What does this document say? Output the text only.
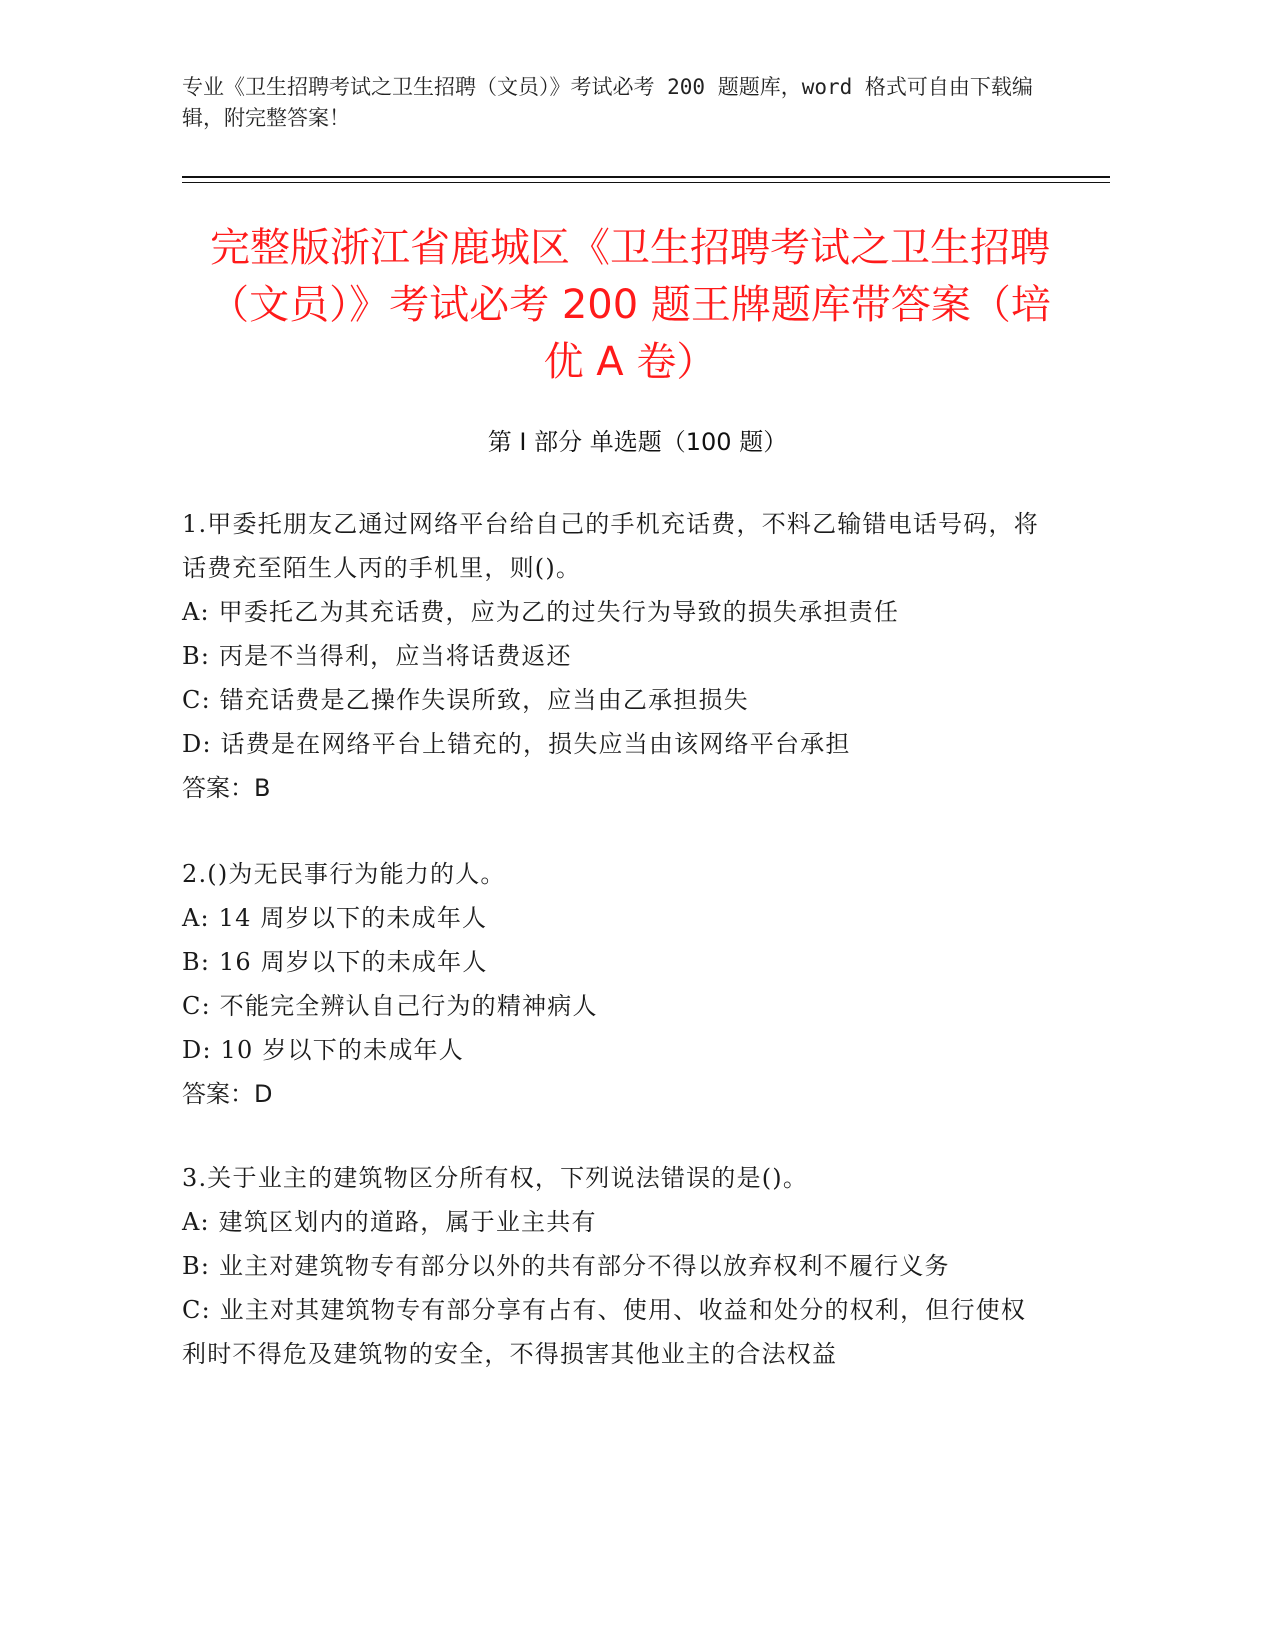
专业《卫生招聘考试之卫生招聘（文员）》考试必考 200 题题库，word 格式可自由下载编辑，附完整答案！
完整版浙江省鹿城区《卫生招聘考试之卫生招聘（文员）》考试必考 200 题王牌题库带答案（培优 A 卷）
第 I 部分 单选题（100 题）
1.甲委托朋友乙通过网络平台给自己的手机充话费，不料乙输错电话号码，将话费充至陌生人丙的手机里，则()。
A: 甲委托乙为其充话费，应为乙的过失行为导致的损失承担责任
B: 丙是不当得利，应当将话费返还
C: 错充话费是乙操作失误所致，应当由乙承担损失
D: 话费是在网络平台上错充的，损失应当由该网络平台承担
答案：B
2.()为无民事行为能力的人。
A: 14 周岁以下的未成年人
B: 16 周岁以下的未成年人
C: 不能完全辨认自己行为的精神病人
D: 10 岁以下的未成年人
答案：D
3.关于业主的建筑物区分所有权，下列说法错误的是()。
A: 建筑区划内的道路，属于业主共有
B: 业主对建筑物专有部分以外的共有部分不得以放弃权利不履行义务
C: 业主对其建筑物专有部分享有占有、使用、收益和处分的权利，但行使权利时不得危及建筑物的安全，不得损害其他业主的合法权益
